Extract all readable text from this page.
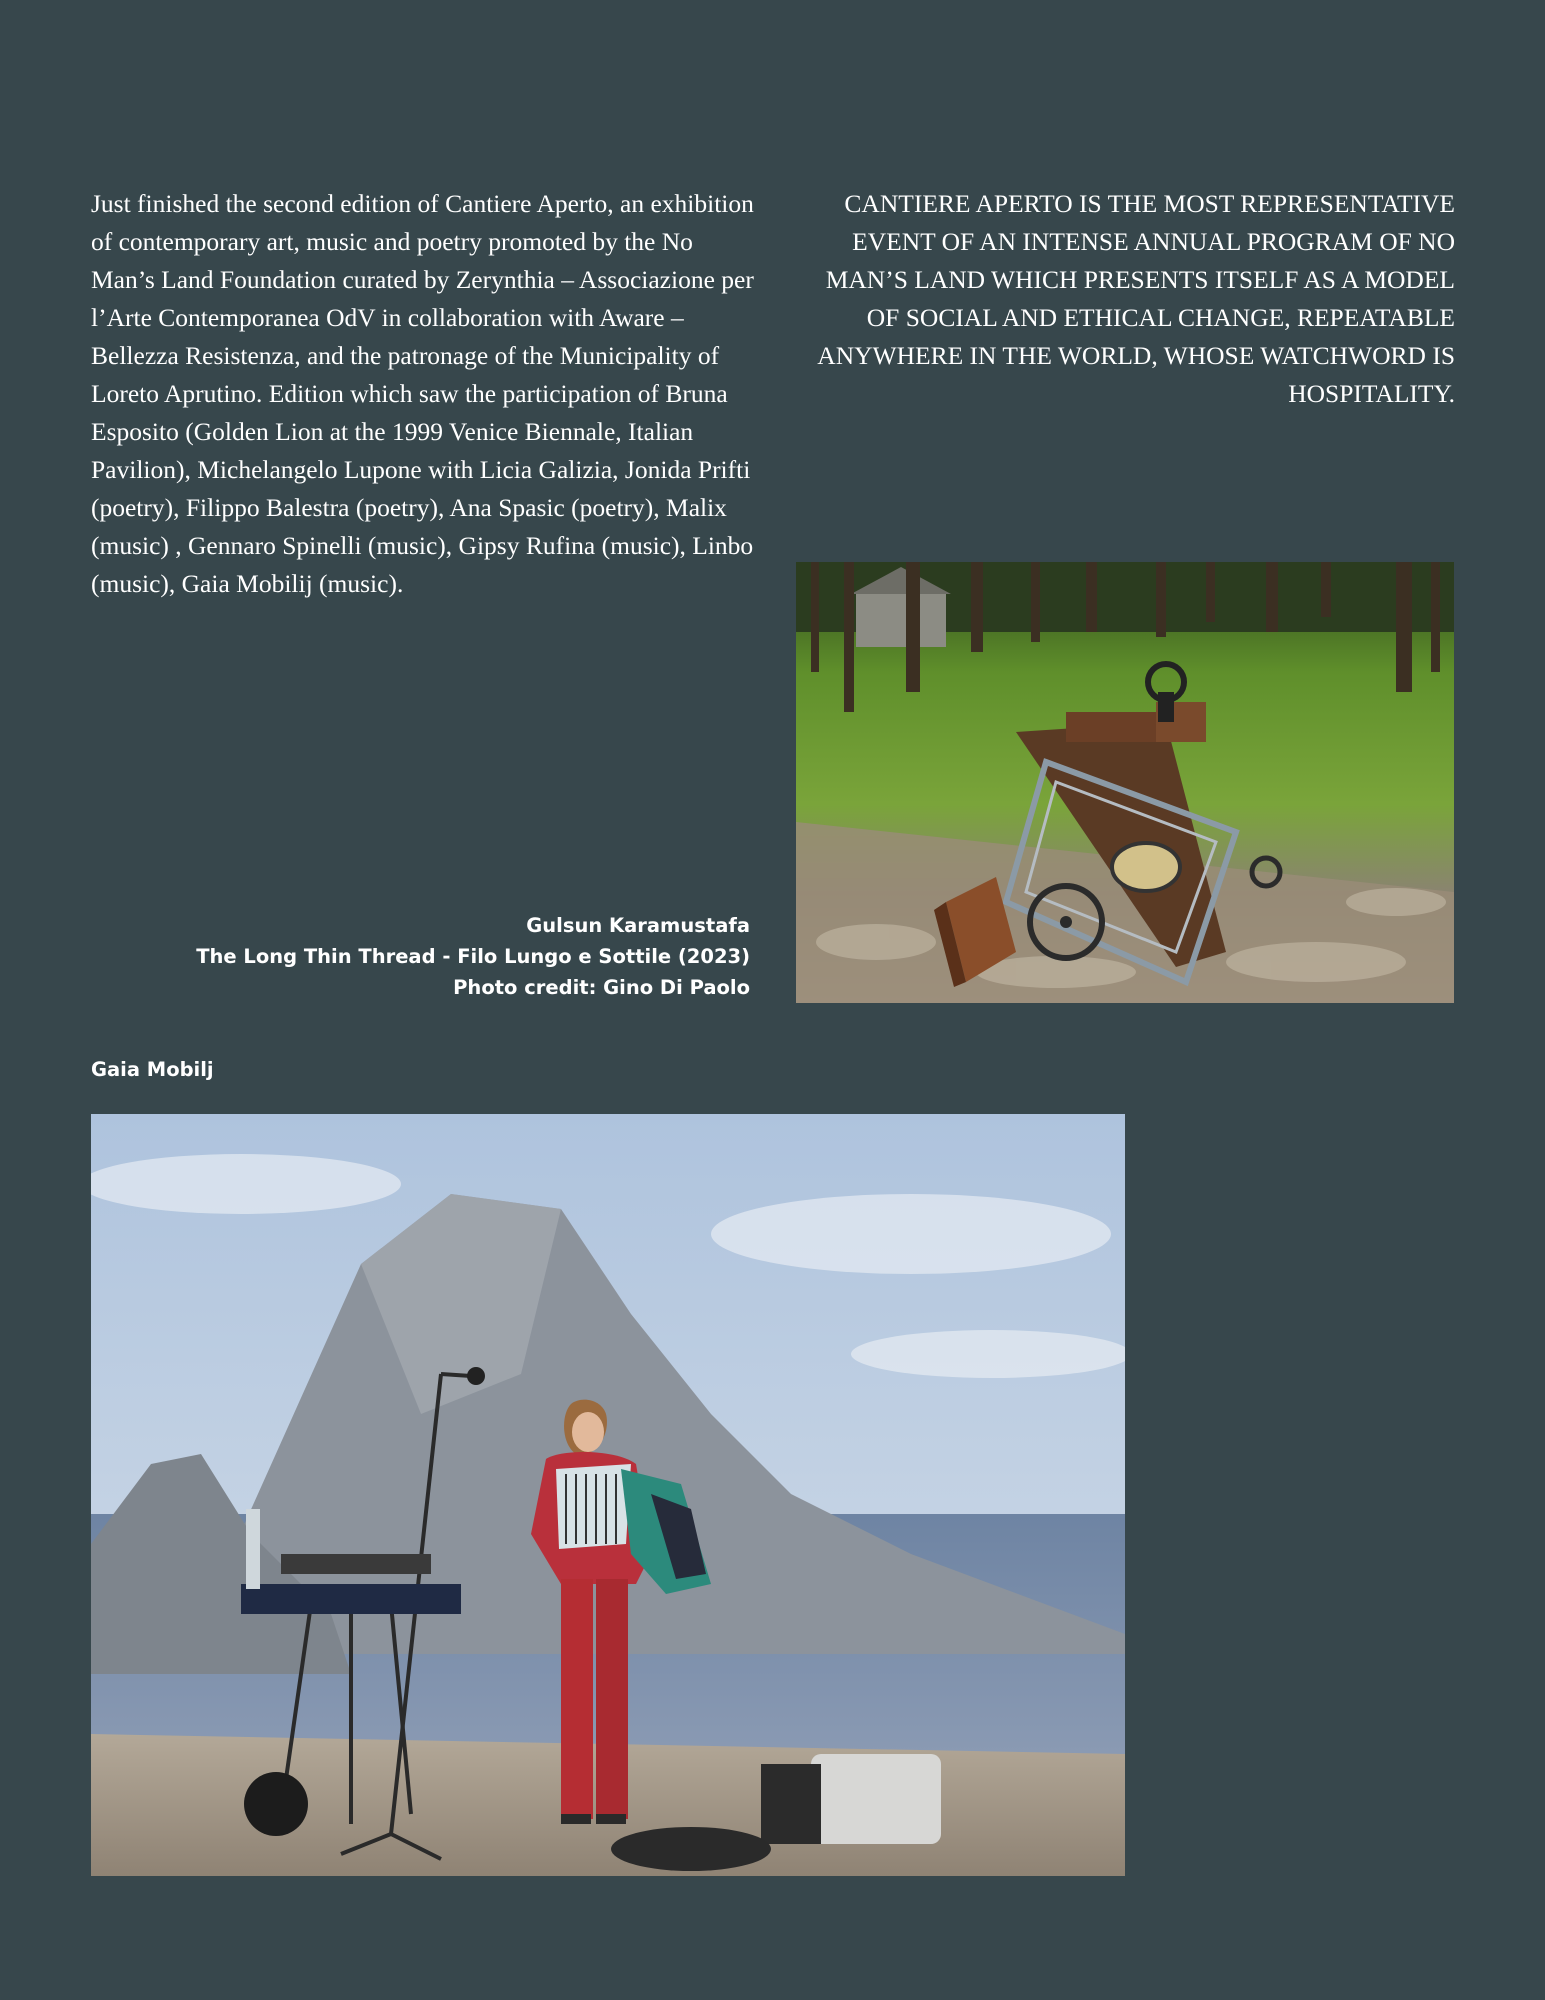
Just finished the second edition of Cantiere Aperto, an exhibition of contemporary art, music and poetry promoted by the No Man’s Land Foundation curated by Zerynthia – Associazione per l’Arte Contemporanea OdV in collaboration with Aware – Bellezza Resistenza, and the patronage of the Municipality of Loreto Aprutino. Edition which saw the participation of Bruna Esposito (Golden Lion at the 1999 Venice Biennale, Italian Pavilion), Michelangelo Lupone with Licia Galizia, Jonida Prifti (poetry), Filippo Balestra (poetry), Ana Spasic (poetry), Malix (music) , Gennaro Spinelli (music), Gipsy Rufina (music), Linbo (music), Gaia Mobilij (music).

CANTIERE APERTO IS THE MOST REPRESENTATIVE EVENT OF AN INTENSE ANNUAL PROGRAM OF NO MAN’S LAND WHICH PRESENTS ITSELF AS A MODEL OF SOCIAL AND ETHICAL CHANGE, REPEATABLE ANYWHERE IN THE WORLD, WHOSE WATCHWORD IS HOSPITALITY.

Gulsun Karamustafa
The Long Thin Thread - Filo Lungo e Sottile (2023)
Photo credit: Gino Di Paolo
Gaia Mobilj
